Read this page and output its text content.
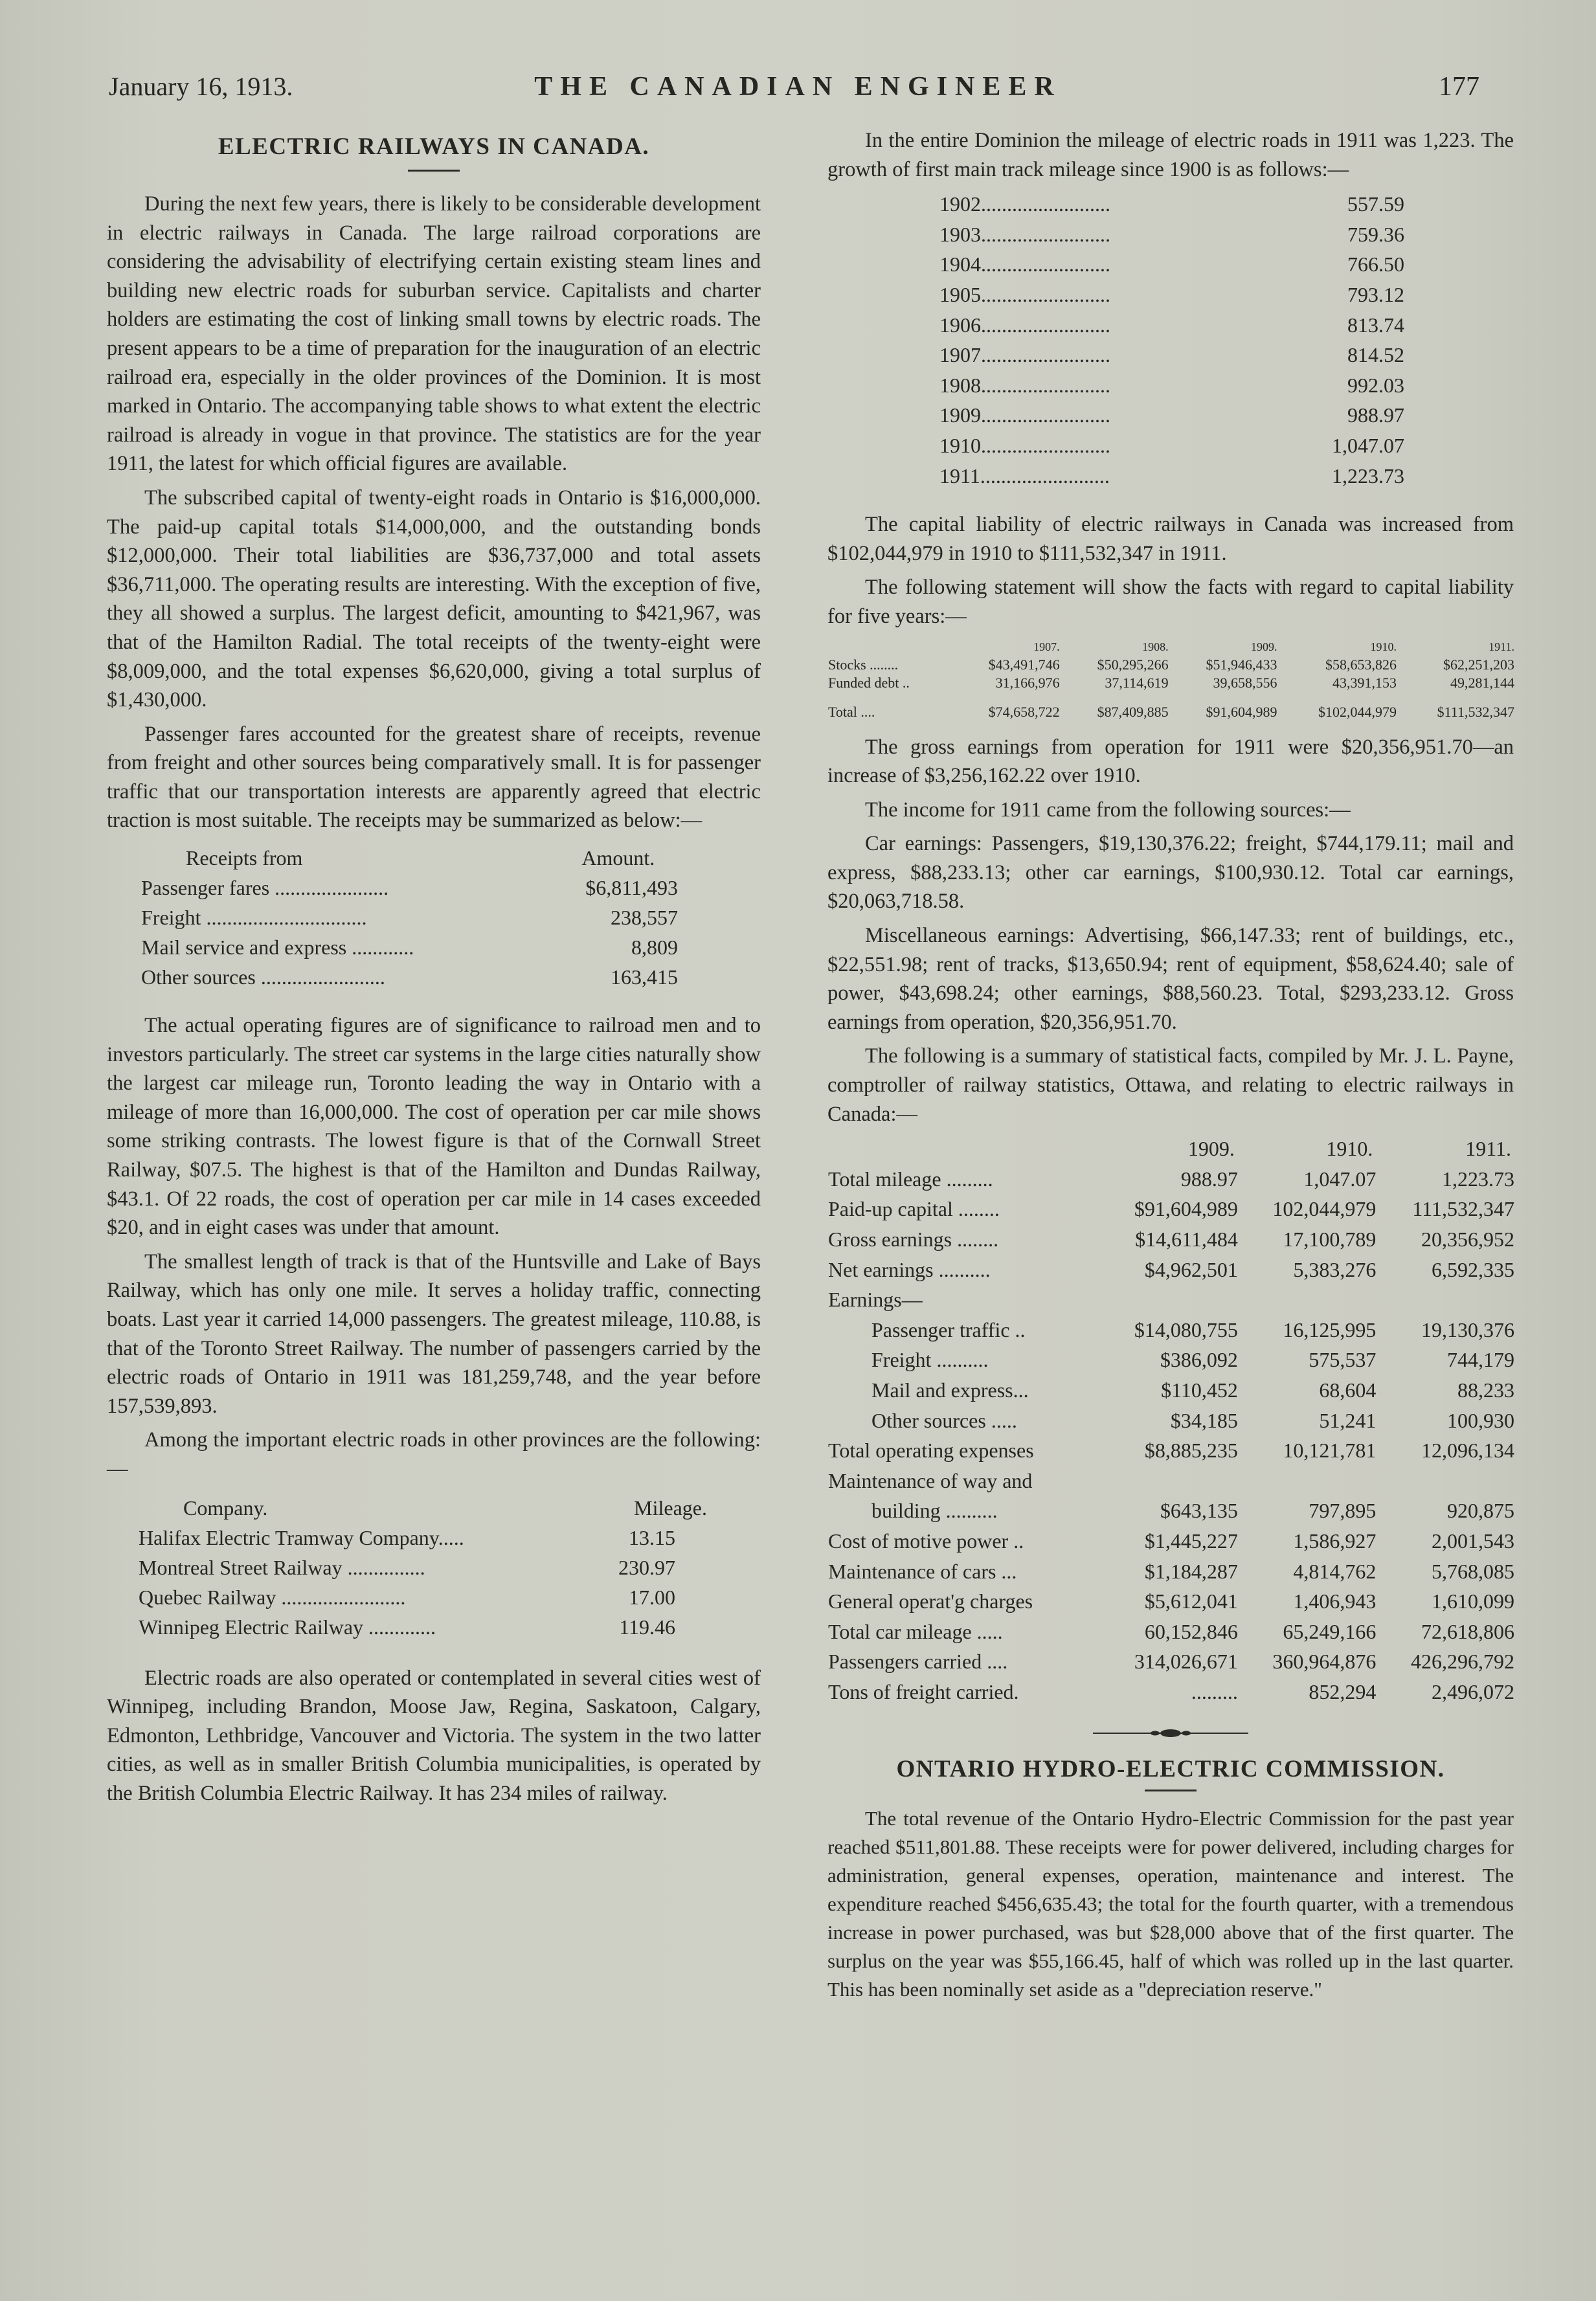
January 16, 1913.	THE CANADIAN ENGINEER	177
ELECTRIC RAILWAYS IN CANADA.

During the next few years, there is likely to be considerable development in electric railways in Canada. The large railroad corporations are considering the advisability of electrifying certain existing steam lines and building new electric roads for suburban service. Capitalists and charter holders are estimating the cost of linking small towns by electric roads. The present appears to be a time of preparation for the inauguration of an electric railroad era, especially in the older provinces of the Dominion. It is most marked in Ontario. The accompanying table shows to what extent the electric railroad is already in vogue in that province. The statistics are for the year 1911, the latest for which official figures are available.

The subscribed capital of twenty-eight roads in Ontario is $16,000,000. The paid-up capital totals $14,000,000, and the outstanding bonds $12,000,000. Their total liabilities are $36,737,000 and total assets $36,711,000. The operating results are interesting. With the exception of five, they all showed a surplus. The largest deficit, amounting to $421,967, was that of the Hamilton Radial. The total receipts of the twenty-eight were $8,009,000, and the total expenses $6,620,000, giving a total surplus of $1,430,000.

Passenger fares accounted for the greatest share of receipts, revenue from freight and other sources being comparatively small. It is for passenger traffic that our transportation interests are apparently agreed that electric traction is most suitable. The receipts may be summarized as below:—

Receipts from	Amount.
Passenger fares ......................	$6,811,493
Freight ...............................	238,557
Mail service and express ............	8,809
Other sources ........................	163,415

The actual operating figures are of significance to railroad men and to investors particularly. The street car systems in the large cities naturally show the largest car mileage run, Toronto leading the way in Ontario with a mileage of more than 16,000,000. The cost of operation per car mile shows some striking contrasts. The lowest figure is that of the Cornwall Street Railway, $07.5. The highest is that of the Hamilton and Dundas Railway, $43.1. Of 22 roads, the cost of operation per car mile in 14 cases exceeded $20, and in eight cases was under that amount.

The smallest length of track is that of the Huntsville and Lake of Bays Railway, which has only one mile. It serves a holiday traffic, connecting boats. Last year it carried 14,000 passengers. The greatest mileage, 110.88, is that of the Toronto Street Railway. The number of passengers carried by the electric roads of Ontario in 1911 was 181,259,748, and the year before 157,539,893.

Among the important electric roads in other provinces are the following:—

Company.	Mileage.
Halifax Electric Tramway Company.....	13.15
Montreal Street Railway ...............	230.97
Quebec Railway ........................	17.00
Winnipeg Electric Railway .............	119.46

Electric roads are also operated or contemplated in several cities west of Winnipeg, including Brandon, Moose Jaw, Regina, Saskatoon, Calgary, Edmonton, Lethbridge, Vancouver and Victoria. The system in the two latter cities, as well as in smaller British Columbia municipalities, is operated by the British Columbia Electric Railway. It has 234 miles of railway.

In the entire Dominion the mileage of electric roads in 1911 was 1,223. The growth of first main track mileage since 1900 is as follows:—

1902.........................	557.59
1903.........................	759.36
1904.........................	766.50
1905.........................	793.12
1906.........................	813.74
1907.........................	814.52
1908.........................	992.03
1909.........................	988.97
1910.........................	1,047.07
1911.........................	1,223.73

The capital liability of electric railways in Canada was increased from $102,044,979 in 1910 to $111,532,347 in 1911.

The following statement will show the facts with regard to capital liability for five years:—

	1907.	1908.	1909.	1910.	1911.
Stocks ........	$43,491,746	$50,295,266	$51,946,433	$58,653,826	$62,251,203
Funded debt ..	31,166,976	37,114,619	39,658,556	43,391,153	49,281,144
Total ....	$74,658,722	$87,409,885	$91,604,989	$102,044,979	$111,532,347

The gross earnings from operation for 1911 were $20,356,951.70—an increase of $3,256,162.22 over 1910.

The income for 1911 came from the following sources:—

Car earnings: Passengers, $19,130,376.22; freight, $744,179.11; mail and express, $88,233.13; other car earnings, $100,930.12. Total car earnings, $20,063,718.58.

Miscellaneous earnings: Advertising, $66,147.33; rent of buildings, etc., $22,551.98; rent of tracks, $13,650.94; rent of equipment, $58,624.40; sale of power, $43,698.24; other earnings, $88,560.23. Total, $293,233.12. Gross earnings from operation, $20,356,951.70.

The following is a summary of statistical facts, compiled by Mr. J. L. Payne, comptroller of railway statistics, Ottawa, and relating to electric railways in Canada:—

	1909.	1910.	1911.
Total mileage .........	988.97	1,047.07	1,223.73
Paid-up capital ........	$91,604,989	102,044,979	111,532,347
Gross earnings ........	$14,611,484	17,100,789	20,356,952
Net earnings ..........	$4,962,501	5,383,276	6,592,335
Earnings—			
Passenger traffic ..	$14,080,755	16,125,995	19,130,376
Freight ..........	$386,092	575,537	744,179
Mail and express...	$110,452	68,604	88,233
Other sources .....	$34,185	51,241	100,930
Total operating expenses	$8,885,235	10,121,781	12,096,134
Maintenance of way and			
building ..........	$643,135	797,895	920,875
Cost of motive power ..	$1,445,227	1,586,927	2,001,543
Maintenance of cars ...	$1,184,287	4,814,762	5,768,085
General operat'g charges	$5,612,041	1,406,943	1,610,099
Total car mileage .....	60,152,846	65,249,166	72,618,806
Passengers carried ....	314,026,671	360,964,876	426,296,792
Tons of freight carried.	.........	852,294	2,496,072
ONTARIO HYDRO-ELECTRIC COMMISSION.

The total revenue of the Ontario Hydro-Electric Commission for the past year reached $511,801.88. These receipts were for power delivered, including charges for administration, general expenses, operation, maintenance and interest. The expenditure reached $456,635.43; the total for the fourth quarter, with a tremendous increase in power purchased, was but $28,000 above that of the first quarter. The surplus on the year was $55,166.45, half of which was rolled up in the last quarter. This has been nominally set aside as a "depreciation reserve."
